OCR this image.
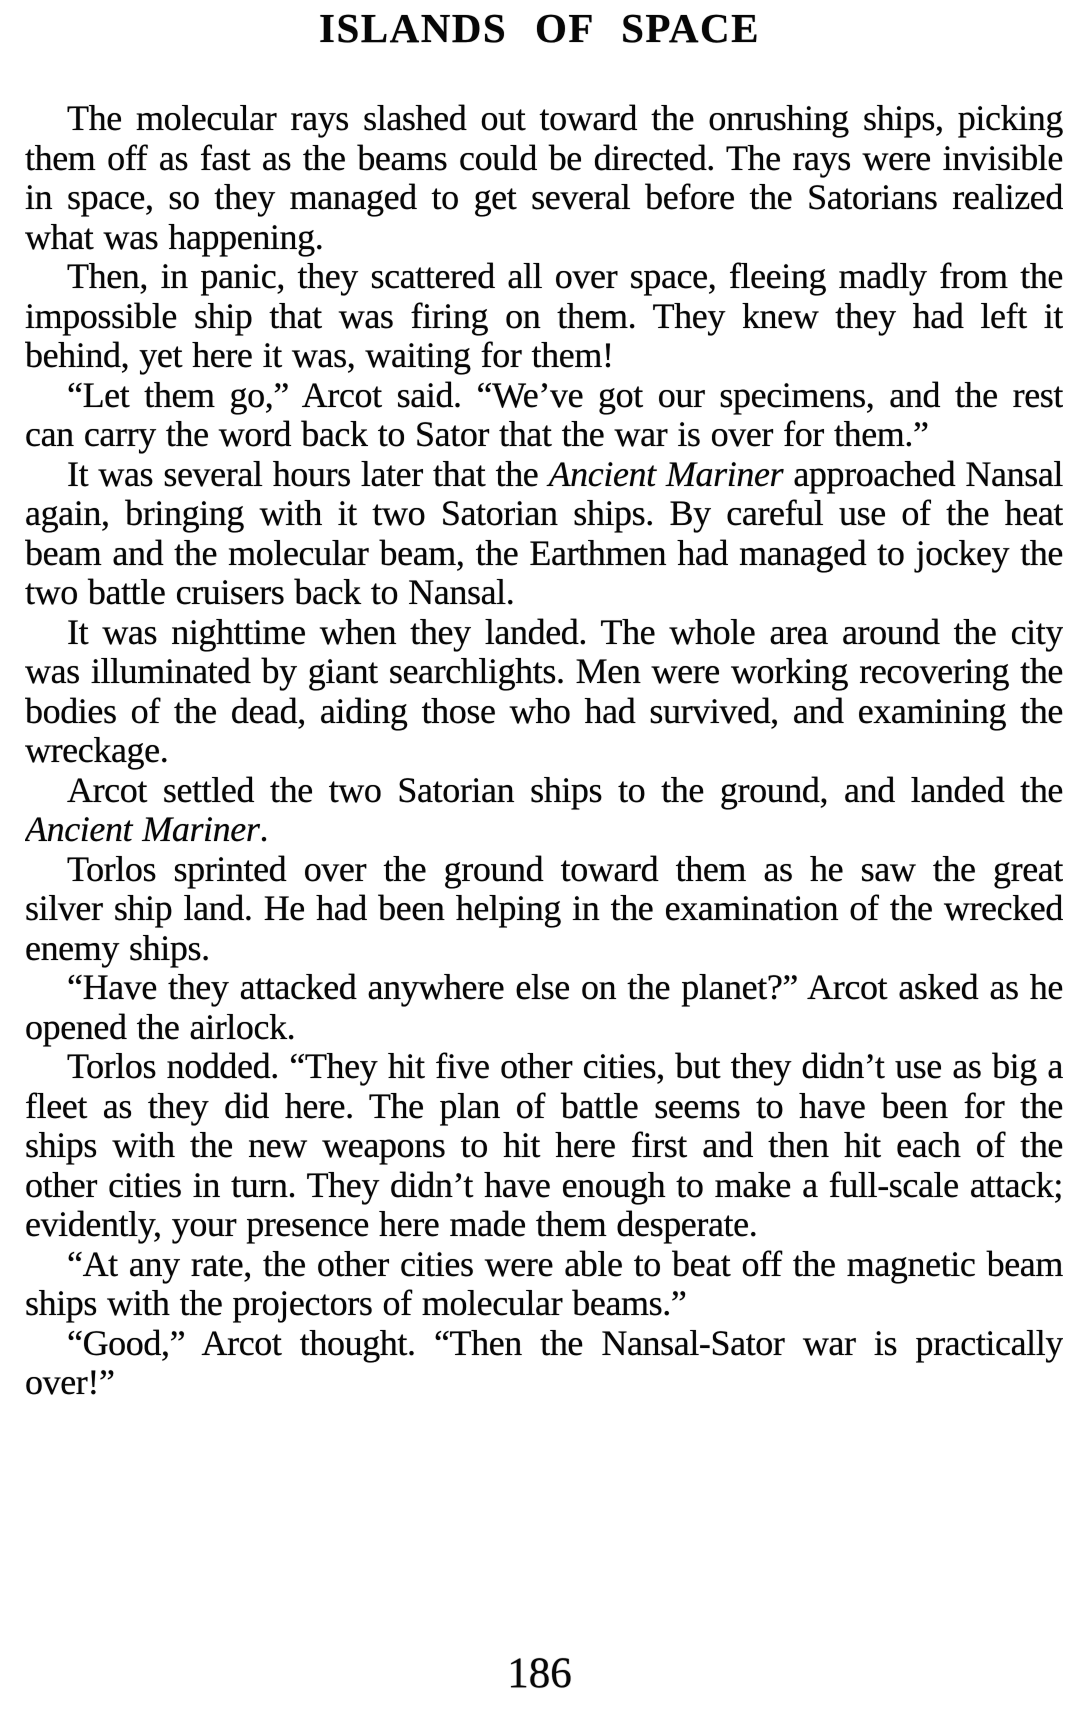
ISLANDS OF SPACE

The molecular rays slashed out toward the onrushing ships, picking them off as fast as the beams could be directed. The rays were invisible in space, so they managed to get several before the Satorians realized what was happening.

Then, in panic, they scattered all over space, fleeing madly from the impossible ship that was firing on them. They knew they had left it behind, yet here it was, waiting for them!

“Let them go,” Arcot said. “We’ve got our specimens, and the rest can carry the word back to Sator that the war is over for them.”

It was several hours later that the Ancient Mariner approached Nansal again, bringing with it two Satorian ships. By careful use of the heat beam and the molecular beam, the Earthmen had managed to jockey the two battle cruisers back to Nansal.

It was nighttime when they landed. The whole area around the city was illuminated by giant searchlights. Men were working recovering the bodies of the dead, aiding those who had survived, and examining the wreckage.

Arcot settled the two Satorian ships to the ground, and landed the Ancient Mariner.

Torlos sprinted over the ground toward them as he saw the great silver ship land. He had been helping in the examination of the wrecked enemy ships.

“Have they attacked anywhere else on the planet?” Arcot asked as he opened the airlock.

Torlos nodded. “They hit five other cities, but they didn’t use as big a fleet as they did here. The plan of battle seems to have been for the ships with the new weapons to hit here first and then hit each of the other cities in turn. They didn’t have enough to make a full-scale attack; evidently, your presence here made them desperate.

“At any rate, the other cities were able to beat off the magnetic beam ships with the projectors of molecular beams.”

“Good,” Arcot thought. “Then the Nansal-Sator war is practically over!”

186
